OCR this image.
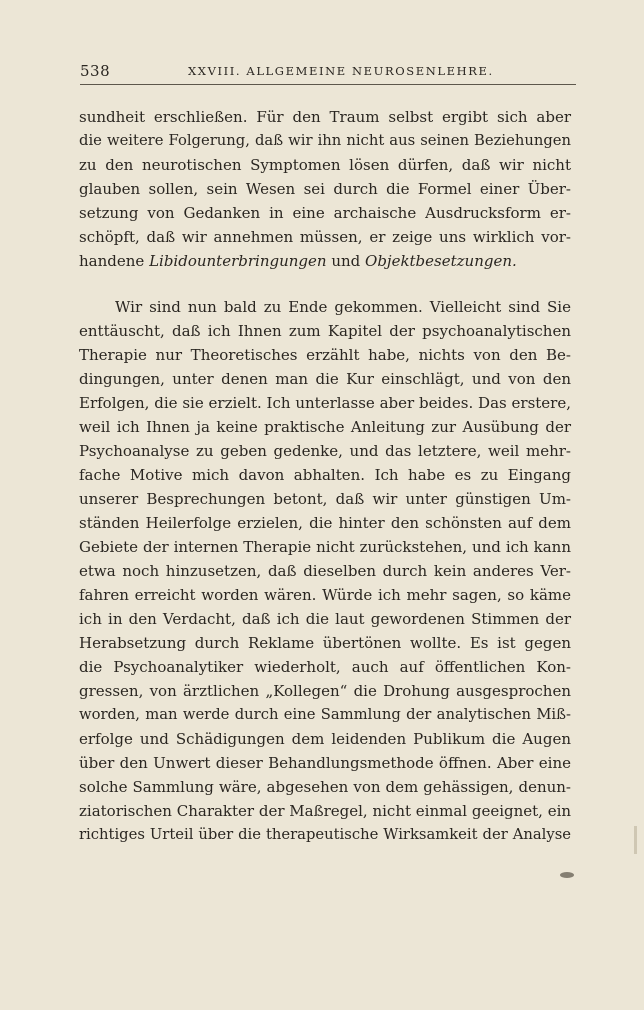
538	XXVIII. ALLGEMEINE NEUROSENLEHRE.
sundheit erschließen. Für den Traum selbst ergibt sich aber
die weitere Folgerung, daß wir ihn nicht aus seinen Beziehungen
zu den neurotischen Symptomen lösen dürfen, daß wir nicht
glauben sollen, sein Wesen sei durch die Formel einer Über-
setzung von Gedanken in eine archaische Ausdrucksform er-
schöpft, daß wir annehmen müssen, er zeige uns wirklich vor-
handene Libidounterbringungen und Objektbesetzungen.
Wir sind nun bald zu Ende gekommen. Vielleicht sind Sie
enttäuscht, daß ich Ihnen zum Kapitel der psychoanalytischen
Therapie nur Theoretisches erzählt habe, nichts von den Be-
dingungen, unter denen man die Kur einschlägt, und von den
Erfolgen, die sie erzielt. Ich unterlasse aber beides. Das erstere,
weil ich Ihnen ja keine praktische Anleitung zur Ausübung der
Psychoanalyse zu geben gedenke, und das letztere, weil mehr-
fache Motive mich davon abhalten. Ich habe es zu Eingang
unserer Besprechungen betont, daß wir unter günstigen Um-
ständen Heilerfolge erzielen, die hinter den schönsten auf dem
Gebiete der internen Therapie nicht zurückstehen, und ich kann
etwa noch hinzusetzen, daß dieselben durch kein anderes Ver-
fahren erreicht worden wären. Würde ich mehr sagen, so käme
ich in den Verdacht, daß ich die laut gewordenen Stimmen der
Herabsetzung durch Reklame übertönen wollte. Es ist gegen
die Psychoanalytiker wiederholt, auch auf öffentlichen Kon-
gressen, von ärztlichen „Kollegen“ die Drohung ausgesprochen
worden, man werde durch eine Sammlung der analytischen Miß-
erfolge und Schädigungen dem leidenden Publikum die Augen
über den Unwert dieser Behandlungsmethode öffnen. Aber eine
solche Sammlung wäre, abgesehen von dem gehässigen, denun-
ziatorischen Charakter der Maßregel, nicht einmal geeignet, ein
richtiges Urteil über die therapeutische Wirksamkeit der Analyse
